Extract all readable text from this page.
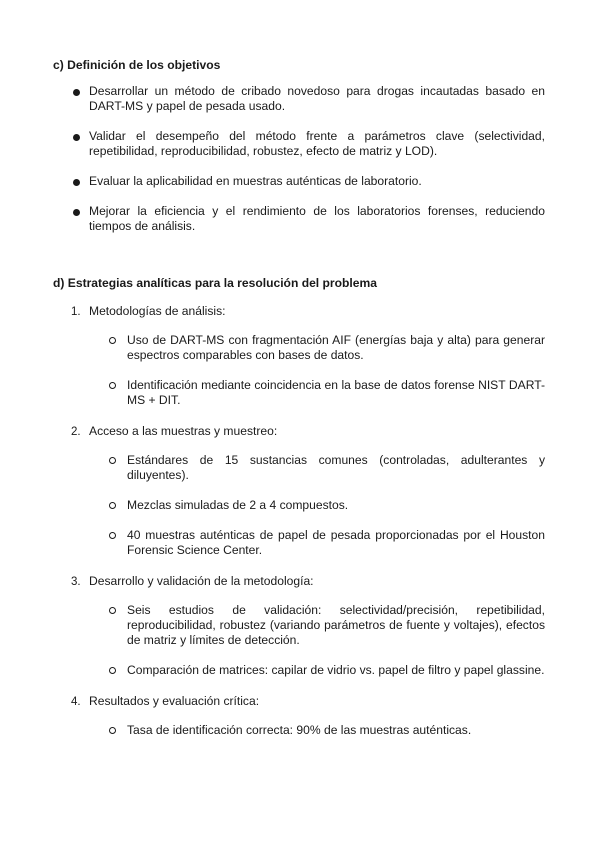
c) Definición de los objetivos
Desarrollar un método de cribado novedoso para drogas incautadas basado en DART-MS y papel de pesada usado.
Validar el desempeño del método frente a parámetros clave (selectividad, repetibilidad, reproducibilidad, robustez, efecto de matriz y LOD).
Evaluar la aplicabilidad en muestras auténticas de laboratorio.
Mejorar la eficiencia y el rendimiento de los laboratorios forenses, reduciendo tiempos de análisis.
d) Estrategias analíticas para la resolución del problema
1. Metodologías de análisis:
Uso de DART-MS con fragmentación AIF (energías baja y alta) para generar espectros comparables con bases de datos.
Identificación mediante coincidencia en la base de datos forense NIST DART-MS + DIT.
2. Acceso a las muestras y muestreo:
Estándares de 15 sustancias comunes (controladas, adulterantes y diluyentes).
Mezclas simuladas de 2 a 4 compuestos.
40 muestras auténticas de papel de pesada proporcionadas por el Houston Forensic Science Center.
3. Desarrollo y validación de la metodología:
Seis estudios de validación: selectividad/precisión, repetibilidad, reproducibilidad, robustez (variando parámetros de fuente y voltajes), efectos de matriz y límites de detección.
Comparación de matrices: capilar de vidrio vs. papel de filtro y papel glassine.
4. Resultados y evaluación crítica:
Tasa de identificación correcta: 90% de las muestras auténticas.
